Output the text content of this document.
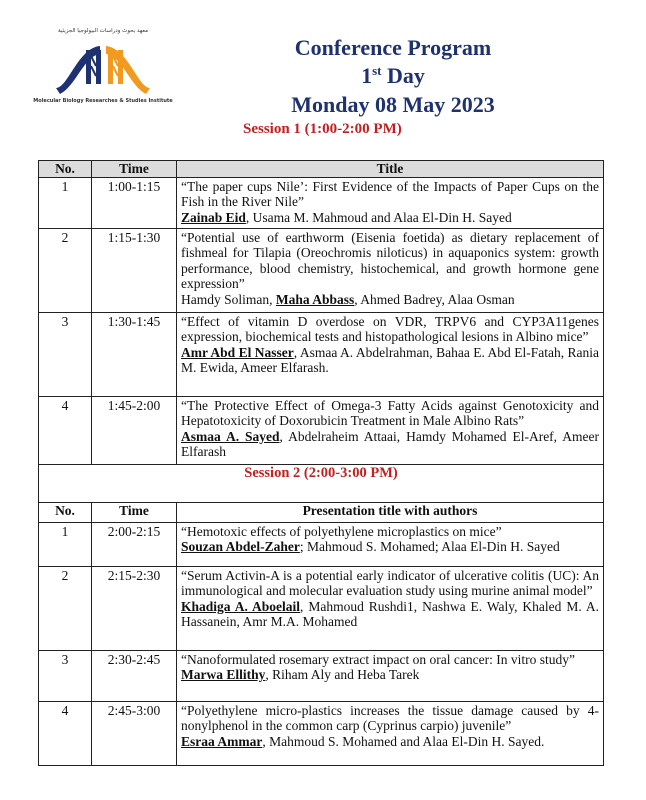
معهد بحوث ودراسات البيولوجيا الجزيئية
Molecular Biology Researches & Studies Institute
Conference Program
1st Day
Monday 08 May 2023
Session 1 (1:00-2:00 PM)
No.	Time	Title
1	1:00-1:15	“The paper cups Nile’: First Evidence of the Impacts of Paper Cups on the Fish in the River Nile”
Zainab Eid, Usama M. Mahmoud and Alaa El-Din H. Sayed

2	1:15-1:30	“Potential use of earthworm (Eisenia foetida) as dietary replacement of fishmeal for Tilapia (Oreochromis niloticus) in aquaponics system: growth performance, blood chemistry, histochemical, and growth hormone gene expression”
Hamdy Soliman, Maha Abbass, Ahmed Badrey, Alaa Osman

3	1:30-1:45	“Effect of vitamin D overdose on VDR, TRPV6 and CYP3A11genes expression, biochemical tests and histopathological lesions in Albino mice”
Amr Abd El Nasser, Asmaa A. Abdelrahman, Bahaa E. Abd El-Fatah, Rania M. Ewida, Ameer Elfarash.

4	1:45-2:00	“The Protective Effect of Omega-3 Fatty Acids against Genotoxicity and Hepatotoxicity of Doxorubicin Treatment in Male Albino Rats”
Asmaa A. Sayed, Abdelraheim Attaai, Hamdy Mohamed El-Aref, Ameer Elfarash

Session 2 (2:00-3:00 PM)		
No.	Time	Presentation title with authors
1	2:00-2:15	“Hemotoxic effects of polyethylene microplastics on mice”
Souzan Abdel-Zaher; Mahmoud S. Mohamed; Alaa El-Din H. Sayed

2	2:15-2:30	“Serum Activin-A is a potential early indicator of ulcerative colitis (UC): An immunological and molecular evaluation study using murine animal model”
Khadiga A. Aboelail, Mahmoud Rushdi1, Nashwa E. Waly, Khaled M. A. Hassanein, Amr M.A. Mohamed

3	2:30-2:45	“Nanoformulated rosemary extract impact on oral cancer: In vitro study”
Marwa Ellithy, Riham Aly and Heba Tarek

4	2:45-3:00	“Polyethylene micro-plastics increases the tissue damage caused by 4-nonylphenol in the common carp (Cyprinus carpio) juvenile”
Esraa Ammar, Mahmoud S. Mohamed and Alaa El-Din H. Sayed.
